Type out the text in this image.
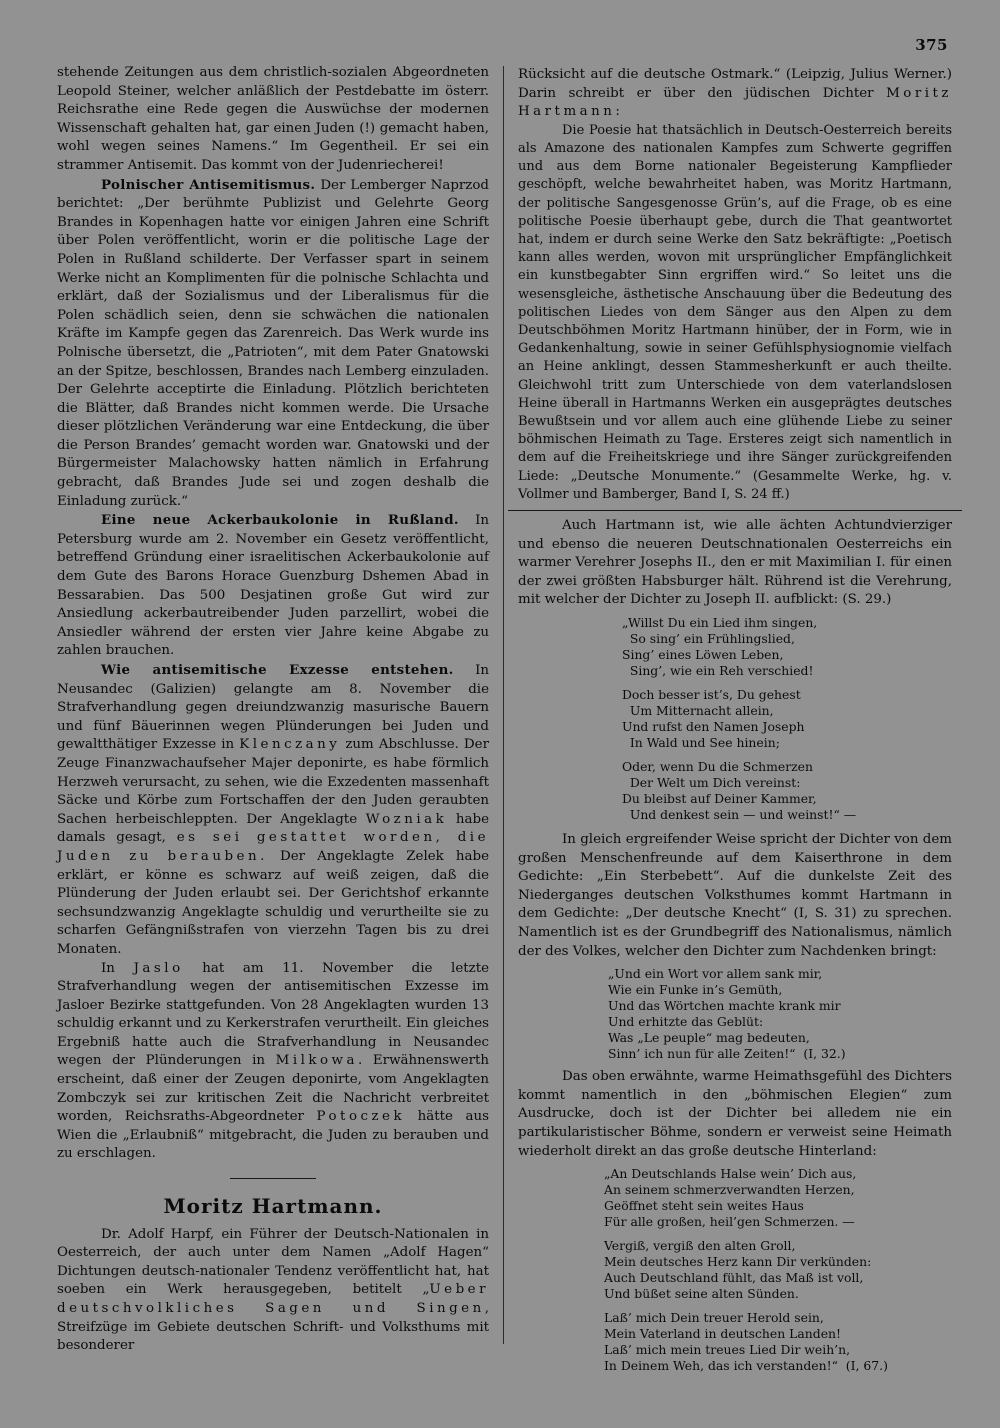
375

stehende Zeitungen aus dem christlich-sozialen Abgeordneten Leopold Steiner, welcher anläßlich der Pestdebatte im österr. Reichsrathe eine Rede gegen die Auswüchse der modernen Wissenschaft gehalten hat, gar einen Juden (!) gemacht haben, wohl wegen seines Namens.“ Im Gegentheil. Er sei ein strammer Antisemit. Das kommt von der Judenriecherei!

Polnischer Antisemitismus. Der Lemberger Naprzod berichtet: „Der berühmte Publizist und Gelehrte Georg Brandes in Kopenhagen hatte vor einigen Jahren eine Schrift über Polen veröffentlicht, worin er die politische Lage der Polen in Rußland schilderte. Der Verfasser spart in seinem Werke nicht an Komplimenten für die polnische Schlachta und erklärt, daß der Sozialismus und der Liberalismus für die Polen schädlich seien, denn sie schwächen die nationalen Kräfte im Kampfe gegen das Zarenreich. Das Werk wurde ins Polnische übersetzt, die „Patrioten“, mit dem Pater Gnatowski an der Spitze, beschlossen, Brandes nach Lemberg einzuladen. Der Gelehrte acceptirte die Einladung. Plötzlich berichteten die Blätter, daß Brandes nicht kommen werde. Die Ursache dieser plötzlichen Veränderung war eine Entdeckung, die über die Person Brandes’ gemacht worden war. Gnatowski und der Bürgermeister Malachowsky hatten nämlich in Erfahrung gebracht, daß Brandes Jude sei und zogen deshalb die Einladung zurück.“

Eine neue Ackerbaukolonie in Rußland. In Petersburg wurde am 2. November ein Gesetz veröffentlicht, betreffend Gründung einer israelitischen Ackerbaukolonie auf dem Gute des Barons Horace Guenzburg Dshemen Abad in Bessarabien. Das 500 Desjatinen große Gut wird zur Ansiedlung ackerbautreibender Juden parzellirt, wobei die Ansiedler während der ersten vier Jahre keine Abgabe zu zahlen brauchen.

Wie antisemitische Exzesse entstehen. In Neusandec (Galizien) gelangte am 8. November die Strafverhandlung gegen dreiundzwanzig masurische Bauern und fünf Bäuerinnen wegen Plünderungen bei Juden und gewaltthätiger Exzesse in Klenczany zum Abschlusse. Der Zeuge Finanzwachaufseher Majer deponirte, es habe förmlich Herzweh verursacht, zu sehen, wie die Exzedenten massenhaft Säcke und Körbe zum Fortschaffen der den Juden geraubten Sachen herbeischleppten. Der Angeklagte Wozniak habe damals gesagt, es sei gestattet worden, die Juden zu berauben. Der Angeklagte Zelek habe erklärt, er könne es schwarz auf weiß zeigen, daß die Plünderung der Juden erlaubt sei. Der Gerichtshof erkannte sechsundzwanzig Angeklagte schuldig und verurtheilte sie zu scharfen Gefängnißstrafen von vierzehn Tagen bis zu drei Monaten.

In Jaslo hat am 11. November die letzte Strafverhandlung wegen der antisemitischen Exzesse im Jasloer Bezirke stattgefunden. Von 28 Angeklagten wurden 13 schuldig erkannt und zu Kerkerstrafen verurtheilt. Ein gleiches Ergebniß hatte auch die Strafverhandlung in Neusandec wegen der Plünderungen in Milkowa. Erwähnenswerth erscheint, daß einer der Zeugen deponirte, vom Angeklagten Zombczyk sei zur kritischen Zeit die Nachricht verbreitet worden, Reichsraths-Abgeordneter Potoczek hätte aus Wien die „Erlaubniß“ mitgebracht, die Juden zu berauben und zu erschlagen.

Moritz Hartmann.

Dr. Adolf Harpf, ein Führer der Deutsch-Nationalen in Oesterreich, der auch unter dem Namen „Adolf Hagen“ Dichtungen deutsch-nationaler Tendenz veröffentlicht hat, hat soeben ein Werk herausgegeben, betitelt „Ueber deutschvolkliches Sagen und Singen, Streifzüge im Gebiete deutschen Schrift- und Volksthums mit besonderer

Rücksicht auf die deutsche Ostmark.“ (Leipzig, Julius Werner.) Darin schreibt er über den jüdischen Dichter Moritz Hartmann:

Die Poesie hat thatsächlich in Deutsch-Oesterreich bereits als Amazone des nationalen Kampfes zum Schwerte gegriffen und aus dem Borne nationaler Begeisterung Kampflieder geschöpft, welche bewahrheitet haben, was Moritz Hartmann, der politische Sangesgenosse Grün’s, auf die Frage, ob es eine politische Poesie überhaupt gebe, durch die That geantwortet hat, indem er durch seine Werke den Satz bekräftigte: „Poetisch kann alles werden, wovon mit ursprünglicher Empfänglichkeit ein kunstbegabter Sinn ergriffen wird.“ So leitet uns die wesensgleiche, ästhetische Anschauung über die Bedeutung des politischen Liedes von dem Sänger aus den Alpen zu dem Deutschböhmen Moritz Hartmann hinüber, der in Form, wie in Gedankenhaltung, sowie in seiner Gefühlsphysiognomie vielfach an Heine anklingt, dessen Stammesherkunft er auch theilte. Gleichwohl tritt zum Unterschiede von dem vaterlandslosen Heine überall in Hartmanns Werken ein ausgeprägtes deutsches Bewußtsein und vor allem auch eine glühende Liebe zu seiner böhmischen Heimath zu Tage. Ersteres zeigt sich namentlich in dem auf die Freiheitskriege und ihre Sänger zurückgreifenden Liede: „Deutsche Monumente.“ (Gesammelte Werke, hg. v. Vollmer und Bamberger, Band I, S. 24 ff.)

Auch Hartmann ist, wie alle ächten Achtundvierziger und ebenso die neueren Deutschnationalen Oesterreichs ein warmer Verehrer Josephs II., den er mit Maximilian I. für einen der zwei größten Habsburger hält. Rührend ist die Verehrung, mit welcher der Dichter zu Joseph II. aufblickt: (S. 29.)

„Willst Du ein Lied ihm singen,
So sing’ ein Frühlingslied,
Sing’ eines Löwen Leben,
Sing’, wie ein Reh verschied!
Doch besser ist’s, Du gehest
Um Mitternacht allein,
Und rufst den Namen Joseph
In Wald und See hinein;
Oder, wenn Du die Schmerzen
Der Welt um Dich vereinst:
Du bleibst auf Deiner Kammer,
Und denkest sein — und weinst!“ —

In gleich ergreifender Weise spricht der Dichter von dem großen Menschenfreunde auf dem Kaiserthrone in dem Gedichte: „Ein Sterbebett“. Auf die dunkelste Zeit des Niederganges deutschen Volksthumes kommt Hartmann in dem Gedichte: „Der deutsche Knecht“ (I, S. 31) zu sprechen. Namentlich ist es der Grundbegriff des Nationalismus, nämlich der des Volkes, welcher den Dichter zum Nachdenken bringt:

„Und ein Wort vor allem sank mir,
Wie ein Funke in’s Gemüth,
Und das Wörtchen machte krank mir
Und erhitzte das Geblüt:
Was „Le peuple“ mag bedeuten,
Sinn’ ich nun für alle Zeiten!“  (I, 32.)

Das oben erwähnte, warme Heimathsgefühl des Dichters kommt namentlich in den „böhmischen Elegien“ zum Ausdrucke, doch ist der Dichter bei alledem nie ein partikularistischer Böhme, sondern er verweist seine Heimath wiederholt direkt an das große deutsche Hinterland:

„An Deutschlands Halse wein’ Dich aus,
An seinem schmerzverwandten Herzen,
Geöffnet steht sein weites Haus
Für alle großen, heil’gen Schmerzen. —
Vergiß, vergiß den alten Groll,
Mein deutsches Herz kann Dir verkünden:
Auch Deutschland fühlt, das Maß ist voll,
Und büßet seine alten Sünden.
Laß’ mich Dein treuer Herold sein,
Mein Vaterland in deutschen Landen!
Laß’ mich mein treues Lied Dir weih’n,
In Deinem Weh, das ich verstanden!“  (I, 67.)
